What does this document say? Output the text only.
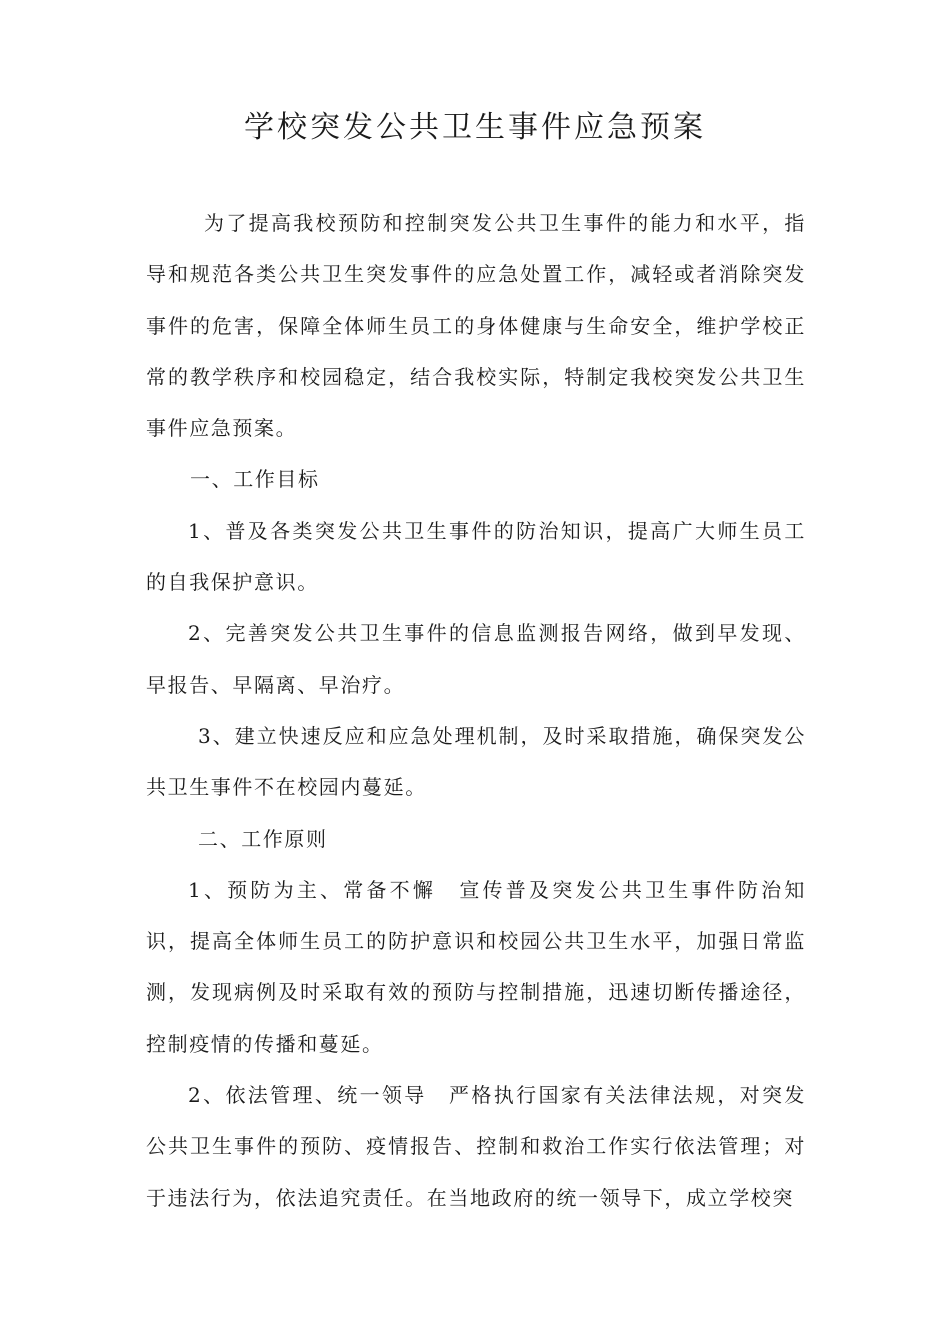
学校突发公共卫生事件应急预案

为了提高我校预防和控制突发公共卫生事件的能力和水平，指导和规范各类公共卫生突发事件的应急处置工作，减轻或者消除突发事件的危害，保障全体师生员工的身体健康与生命安全，维护学校正常的教学秩序和校园稳定，结合我校实际，特制定我校突发公共卫生事件应急预案。

一、工作目标

1、普及各类突发公共卫生事件的防治知识，提高广大师生员工的自我保护意识。

2、完善突发公共卫生事件的信息监测报告网络，做到早发现、早报告、早隔离、早治疗。

3、建立快速反应和应急处理机制，及时采取措施，确保突发公共卫生事件不在校园内蔓延。

二、工作原则

1、预防为主、常备不懈　宣传普及突发公共卫生事件防治知识，提高全体师生员工的防护意识和校园公共卫生水平，加强日常监测，发现病例及时采取有效的预防与控制措施，迅速切断传播途径，控制疫情的传播和蔓延。

2、依法管理、统一领导　严格执行国家有关法律法规，对突发公共卫生事件的预防、疫情报告、控制和救治工作实行依法管理；对于违法行为，依法追究责任。在当地政府的统一领导下，成立学校突
